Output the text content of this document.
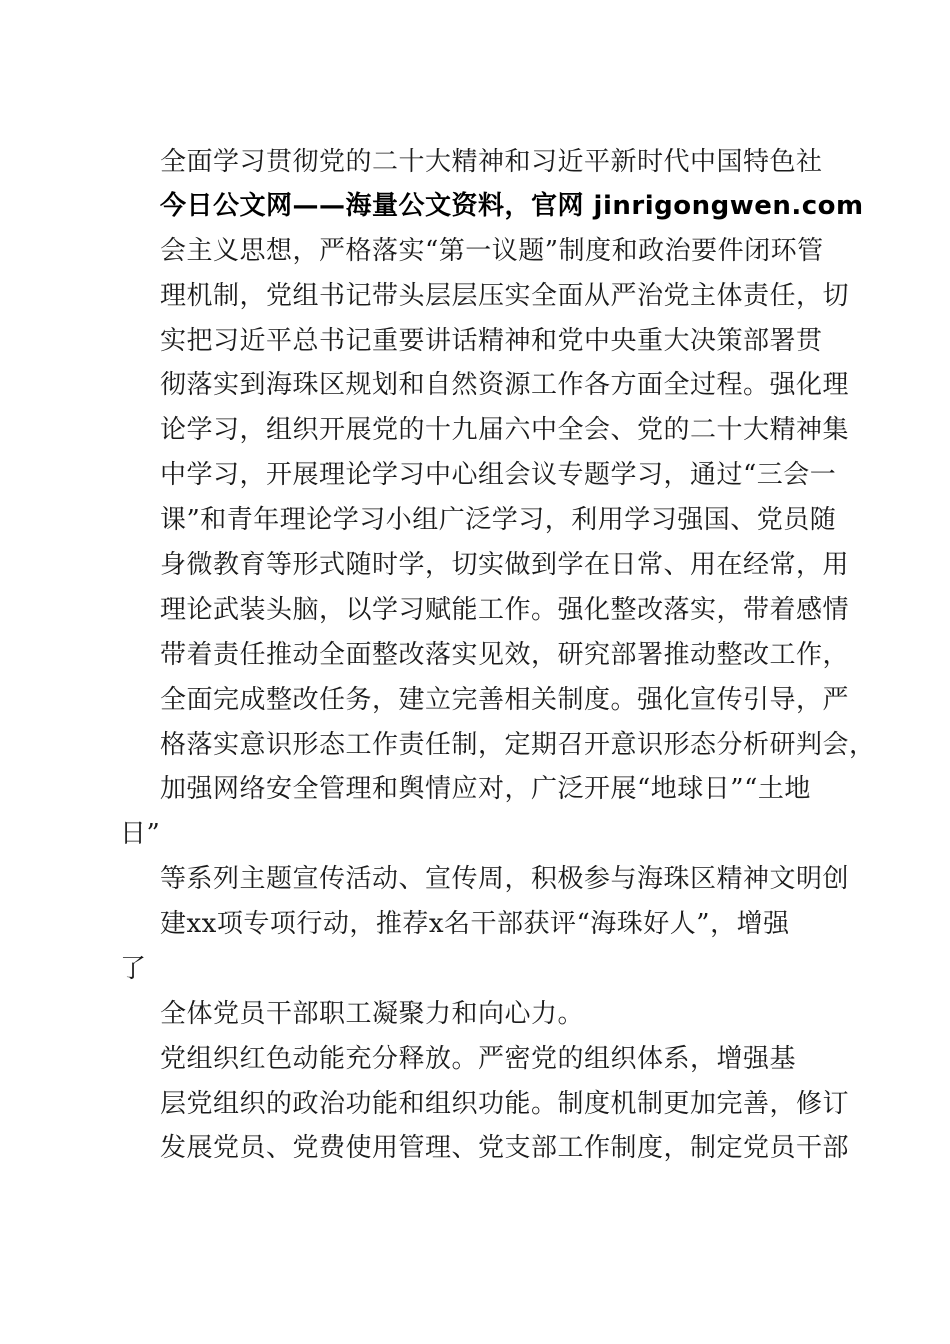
全面学习贯彻党的二十大精神和习近平新时代中国特色社
今日公文网——海量公文资料，官网 jinrigongwen.com
会主义思想，严格落实“第一议题”制度和政治要件闭环管
理机制，党组书记带头层层压实全面从严治党主体责任，切
实把习近平总书记重要讲话精神和党中央重大决策部署贯
彻落实到海珠区规划和自然资源工作各方面全过程。强化理
论学习，组织开展党的十九届六中全会、党的二十大精神集
中学习，开展理论学习中心组会议专题学习，通过“三会一
课”和青年理论学习小组广泛学习，利用学习强国、党员随
身微教育等形式随时学，切实做到学在日常、用在经常，用
理论武装头脑，以学习赋能工作。强化整改落实，带着感情
带着责任推动全面整改落实见效，研究部署推动整改工作，
全面完成整改任务，建立完善相关制度。强化宣传引导，严
格落实意识形态工作责任制，定期召开意识形态分析研判会，
加强网络安全管理和舆情应对，广泛开展“地球日”“土地
日”
等系列主题宣传活动、宣传周，积极参与海珠区精神文明创
建xx项专项行动，推荐x名干部获评“海珠好人”，增强
了
全体党员干部职工凝聚力和向心力。
党组织红色动能充分释放。严密党的组织体系，增强基
层党组织的政治功能和组织功能。制度机制更加完善，修订
发展党员、党费使用管理、党支部工作制度，制定党员干部
